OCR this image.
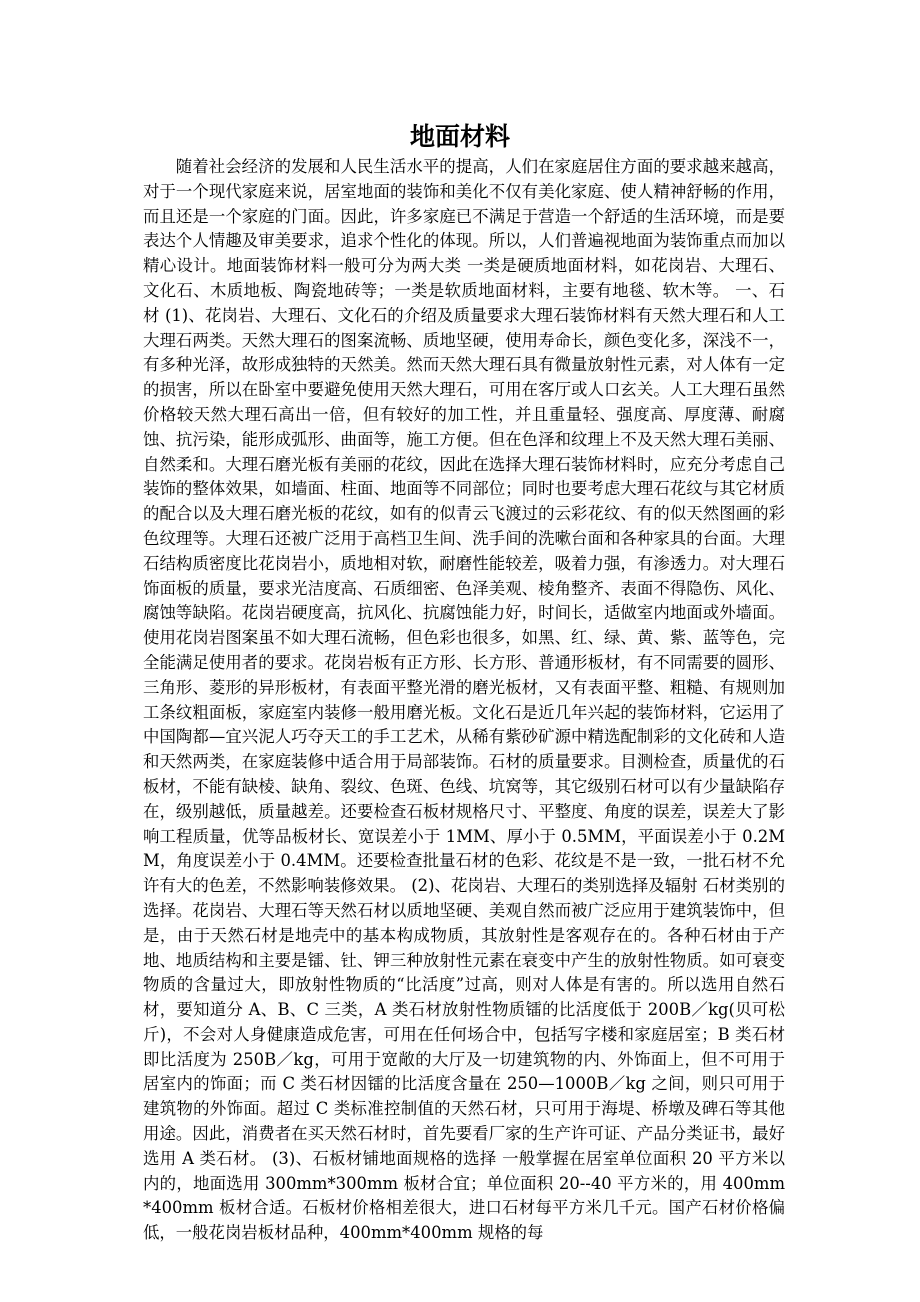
地面材料

随着社会经济的发展和人民生活水平的提高，人们在家庭居住方面的要求越来越高，对于一个现代家庭来说，居室地面的装饰和美化不仅有美化家庭、使人精神舒畅的作用，而且还是一个家庭的门面。因此，许多家庭已不满足于营造一个舒适的生活环境，而是要表达个人情趣及审美要求，追求个性化的体现。所以，人们普遍视地面为装饰重点而加以精心设计。地面装饰材料一般可分为两大类 一类是硬质地面材料，如花岗岩、大理石、文化石、木质地板、陶瓷地砖等；一类是软质地面材料，主要有地毯、软木等。 一、石材 (1)、花岗岩、大理石、文化石的介绍及质量要求大理石装饰材料有天然大理石和人工大理石两类。天然大理石的图案流畅、质地坚硬，使用寿命长，颜色变化多，深浅不一，有多种光泽，故形成独特的天然美。然而天然大理石具有微量放射性元素，对人体有一定的损害，所以在卧室中要避免使用天然大理石，可用在客厅或人口玄关。人工大理石虽然价格较天然大理石高出一倍，但有较好的加工性，并且重量轻、强度高、厚度薄、耐腐蚀、抗污染，能形成弧形、曲面等，施工方便。但在色泽和纹理上不及天然大理石美丽、自然柔和。大理石磨光板有美丽的花纹，因此在选择大理石装饰材料时，应充分考虑自己装饰的整体效果，如墙面、柱面、地面等不同部位；同时也要考虑大理石花纹与其它材质的配合以及大理石磨光板的花纹，如有的似青云飞渡过的云彩花纹、有的似天然图画的彩色纹理等。大理石还被广泛用于高档卫生间、洗手间的洗嗽台面和各种家具的台面。大理石结构质密度比花岗岩小，质地相对软，耐磨性能较差，吸着力强，有渗透力。对大理石饰面板的质量，要求光洁度高、石质细密、色泽美观、棱角整齐、表面不得隐伤、风化、腐蚀等缺陷。花岗岩硬度高，抗风化、抗腐蚀能力好，时间长，适做室内地面或外墙面。使用花岗岩图案虽不如大理石流畅，但色彩也很多，如黑、红、绿、黄、紫、蓝等色，完全能满足使用者的要求。花岗岩板有正方形、长方形、普通形板材，有不同需要的圆形、三角形、菱形的异形板材，有表面平整光滑的磨光板材，又有表面平整、粗糙、有规则加工条纹粗面板，家庭室内装修一般用磨光板。文化石是近几年兴起的装饰材料，它运用了中国陶都—宜兴泥人巧夺天工的手工艺术，从稀有紫砂矿源中精选配制彩的文化砖和人造和天然两类，在家庭装修中适合用于局部装饰。石材的质量要求。目测检查，质量优的石板材，不能有缺棱、缺角、裂纹、色斑、色线、坑窝等，其它级别石材可以有少量缺陷存在，级别越低，质量越差。还要检查石板材规格尺寸、平整度、角度的误差，误差大了影响工程质量，优等品板材长、宽误差小于 1MM、厚小于 0.5MM，平面误差小于 0.2MM，角度误差小于 0.4MM。还要检查批量石材的色彩、花纹是不是一致，一批石材不允许有大的色差，不然影响装修效果。 (2)、花岗岩、大理石的类别选择及辐射 石材类别的选择。花岗岩、大理石等天然石材以质地坚硬、美观自然而被广泛应用于建筑装饰中，但是，由于天然石材是地壳中的基本构成物质，其放射性是客观存在的。各种石材由于产地、地质结构和主要是镭、钍、钾三种放射性元素在衰变中产生的放射性物质。如可衰变物质的含量过大，即放射性物质的“比活度”过高，则对人体是有害的。所以选用自然石材，要知道分 A、B、C 三类，A 类石材放射性物质镭的比活度低于 200B／kg(贝可松斤)，不会对人身健康造成危害，可用在任何场合中，包括写字楼和家庭居室；B 类石材即比活度为 250B／kg，可用于宽敞的大厅及一切建筑物的内、外饰面上，但不可用于居室内的饰面；而 C 类石材因镭的比活度含量在 250—1000B／kg 之间，则只可用于建筑物的外饰面。超过 C 类标准控制值的天然石材，只可用于海堤、桥墩及碑石等其他用途。因此，消费者在买天然石材时，首先要看厂家的生产许可证、产品分类证书，最好选用 A 类石材。 (3)、石板材铺地面规格的选择 一般掌握在居室单位面积 20 平方米以内的，地面选用 300mm*300mm 板材合宜；单位面积 20--40 平方米的，用 400mm*400mm 板材合适。石板材价格相差很大，进口石材每平方米几千元。国产石材价格偏低，一般花岗岩板材品种，400mm*400mm 规格的每
